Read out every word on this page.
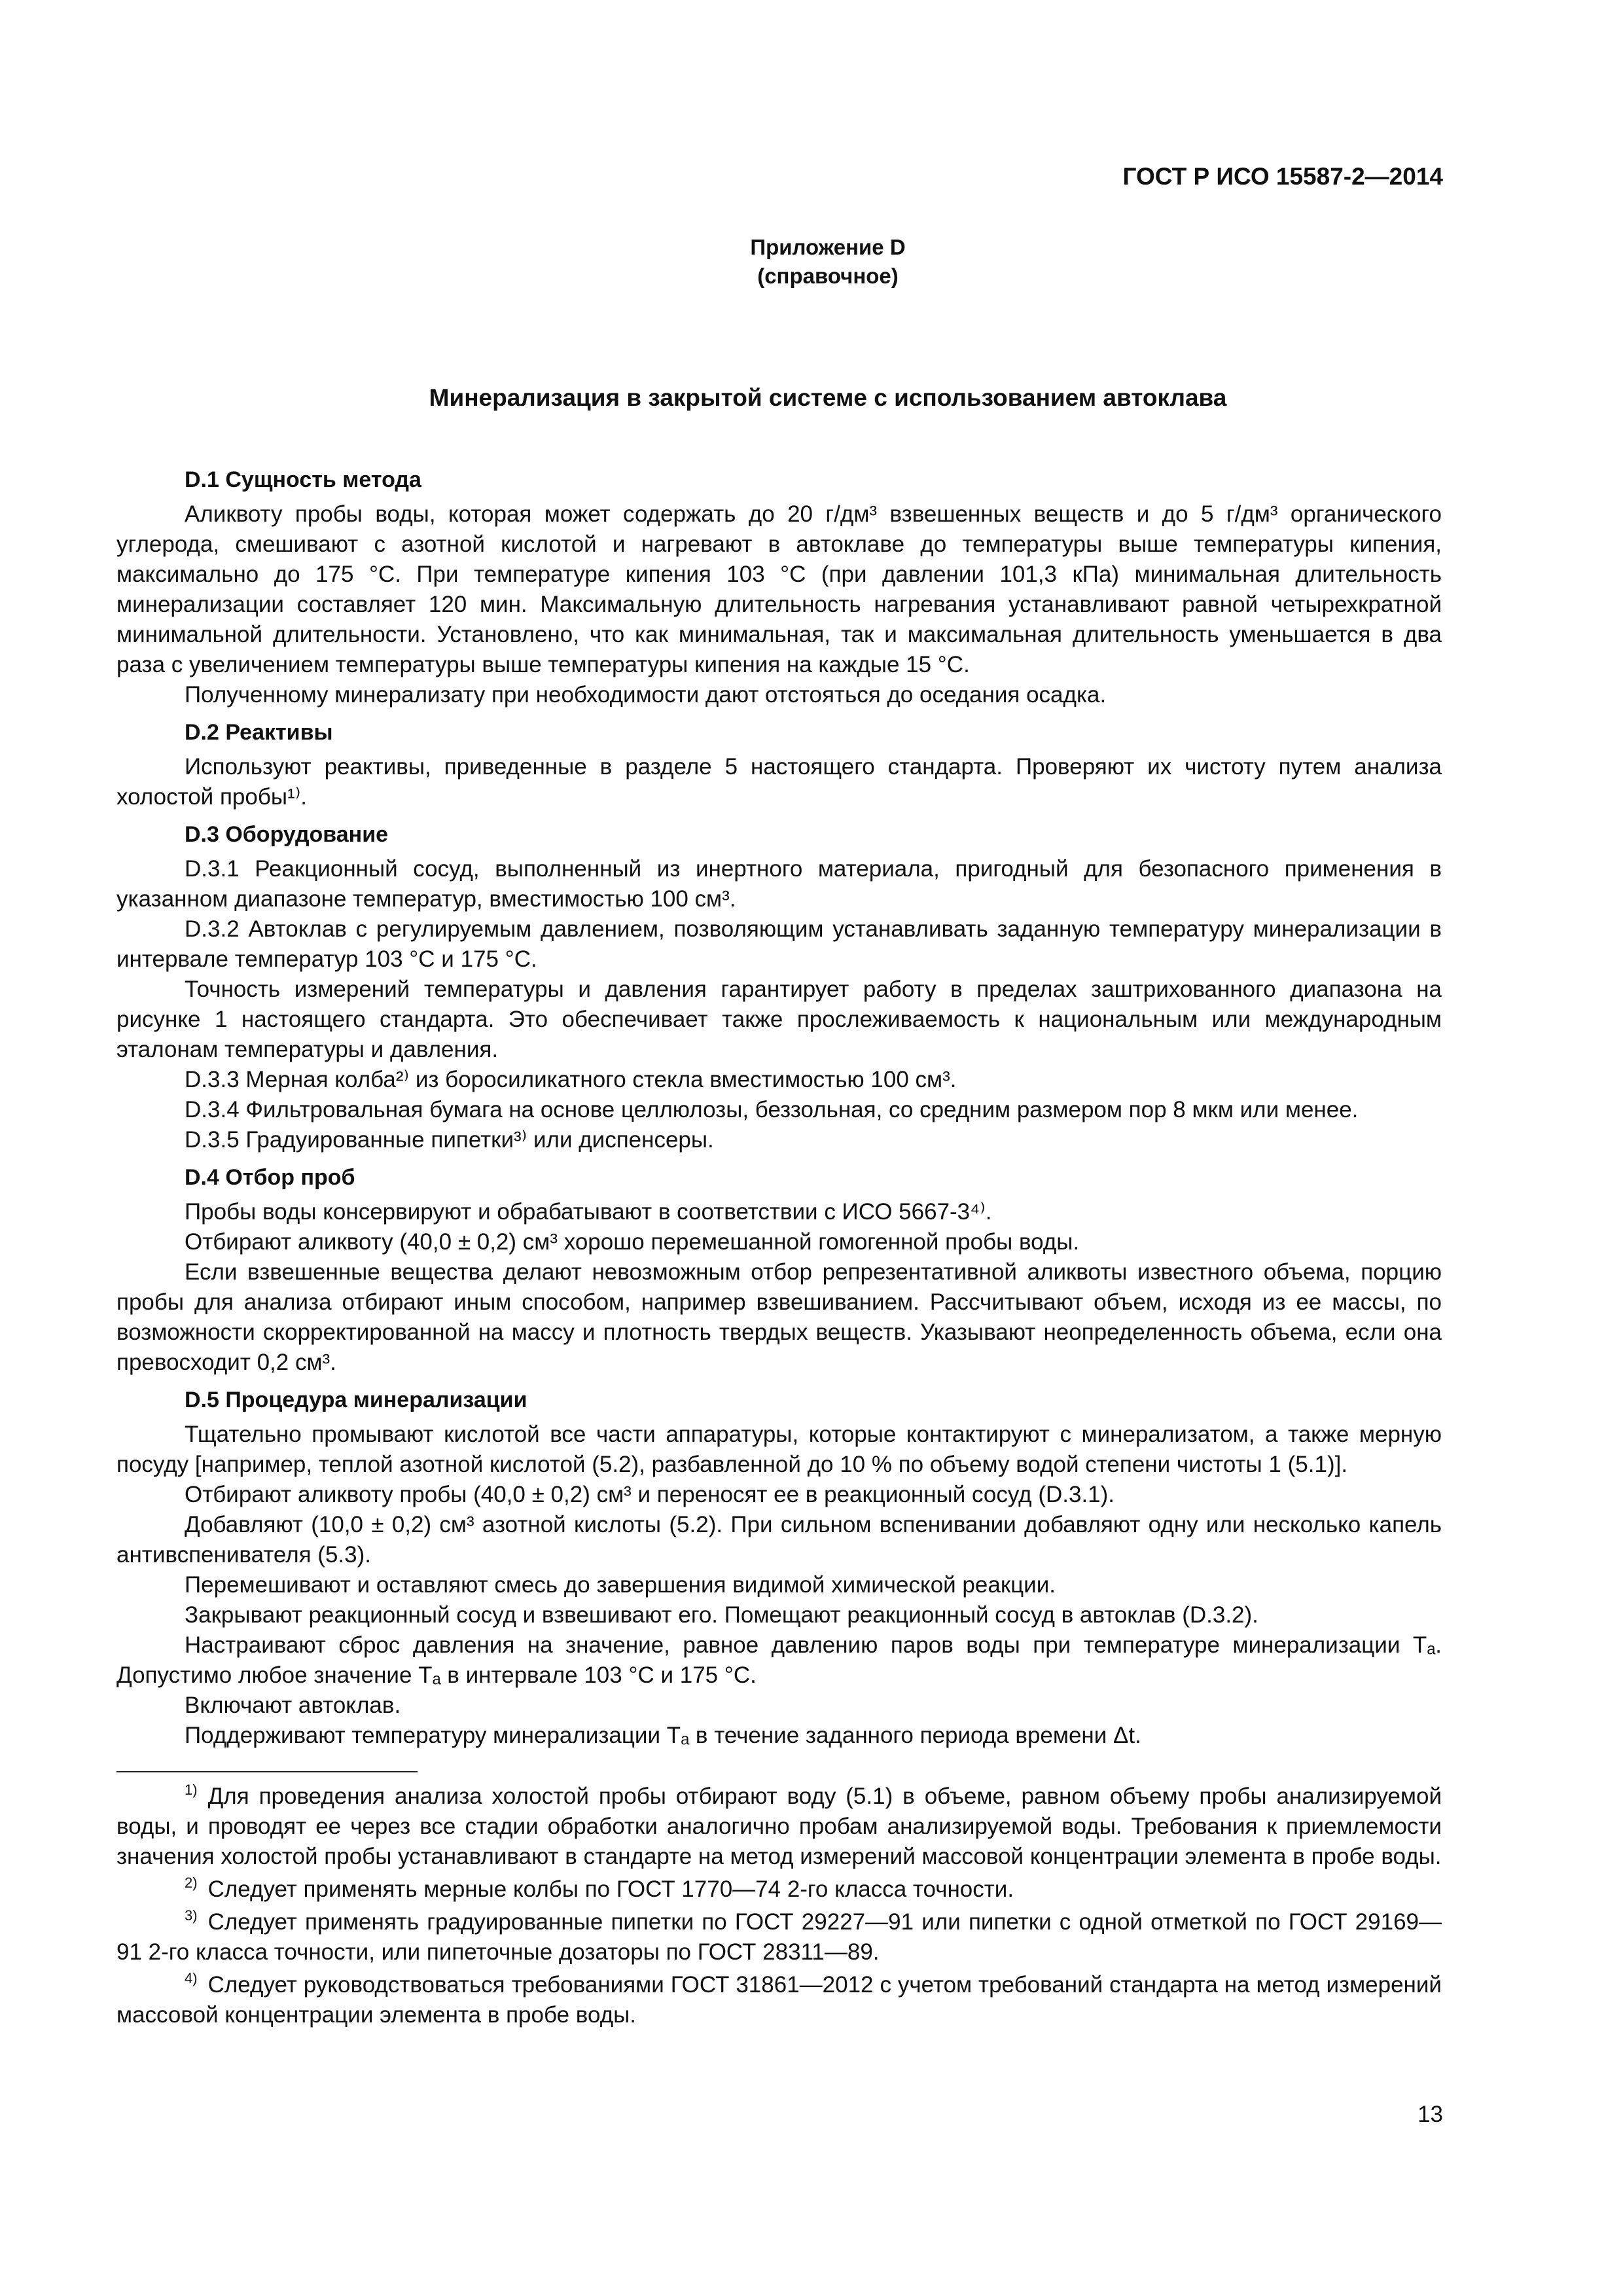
ГОСТ Р ИСО 15587-2—2014
Приложение D
(справочное)
Минерализация в закрытой системе с использованием автоклава
D.1 Сущность метода

Аликвоту пробы воды, которая может содержать до 20 г/дм³ взвешенных веществ и до 5 г/дм³ органического углерода, смешивают с азотной кислотой и нагревают в автоклаве до температуры выше температуры кипения, максимально до 175 °С. При температуре кипения 103 °С (при давлении 101,3 кПа) минимальная длительность минерализации составляет 120 мин. Максимальную длительность нагревания устанавливают равной четырехкратной минимальной длительности. Установлено, что как минимальная, так и максимальная длительность уменьшается в два раза с увеличением температуры выше температуры кипения на каждые 15 °С.

Полученному минерализату при необходимости дают отстояться до оседания осадка.

D.2 Реактивы

Используют реактивы, приведенные в разделе 5 настоящего стандарта. Проверяют их чистоту путем анализа холостой пробы¹⁾.

D.3 Оборудование

D.3.1 Реакционный сосуд, выполненный из инертного материала, пригодный для безопасного применения в указанном диапазоне температур, вместимостью 100 см³.

D.3.2 Автоклав с регулируемым давлением, позволяющим устанавливать заданную температуру минерализации в интервале температур 103 °С и 175 °С.

Точность измерений температуры и давления гарантирует работу в пределах заштрихованного диапазона на рисунке 1 настоящего стандарта. Это обеспечивает также прослеживаемость к национальным или международным эталонам температуры и давления.

D.3.3 Мерная колба²⁾ из боросиликатного стекла вместимостью 100 см³.

D.3.4 Фильтровальная бумага на основе целлюлозы, беззольная, со средним размером пор 8 мкм или менее.

D.3.5 Градуированные пипетки³⁾ или диспенсеры.

D.4 Отбор проб

Пробы воды консервируют и обрабатывают в соответствии с ИСО 5667-3⁴⁾.

Отбирают аликвоту (40,0 ± 0,2) см³ хорошо перемешанной гомогенной пробы воды.

Если взвешенные вещества делают невозможным отбор репрезентативной аликвоты известного объема, порцию пробы для анализа отбирают иным способом, например взвешиванием. Рассчитывают объем, исходя из ее массы, по возможности скорректированной на массу и плотность твердых веществ. Указывают неопределенность объема, если она превосходит 0,2 см³.

D.5 Процедура минерализации

Тщательно промывают кислотой все части аппаратуры, которые контактируют с минерализатом, а также мерную посуду [например, теплой азотной кислотой (5.2), разбавленной до 10 % по объему водой степени чистоты 1 (5.1)].

Отбирают аликвоту пробы (40,0 ± 0,2) см³ и переносят ее в реакционный сосуд (D.3.1).

Добавляют (10,0 ± 0,2) см³ азотной кислоты (5.2). При сильном вспенивании добавляют одну или несколько капель антивспенивателя (5.3).

Перемешивают и оставляют смесь до завершения видимой химической реакции.

Закрывают реакционный сосуд и взвешивают его. Помещают реакционный сосуд в автоклав (D.3.2).

Настраивают сброс давления на значение, равное давлению паров воды при температуре минерализации Tₐ. Допустимо любое значение Tₐ в интервале 103 °С и 175 °С.

Включают автоклав.

Поддерживают температуру минерализации Tₐ в течение заданного периода времени Δt.

$^{1)}$ Для проведения анализа холостой пробы отбирают воду (5.1) в объеме, равном объему пробы анализируемой воды, и проводят ее через все стадии обработки аналогично пробам анализируемой воды. Требования к приемлемости значения холостой пробы устанавливают в стандарте на метод измерений массовой концентрации элемента в пробе воды.

$^{2)}$ Следует применять мерные колбы по ГОСТ 1770—74 2-го класса точности.

$^{3)}$ Следует применять градуированные пипетки по ГОСТ 29227—91 или пипетки с одной отметкой по ГОСТ 29169—91 2-го класса точности, или пипеточные дозаторы по ГОСТ 28311—89.

$^{4)}$ Следует руководствоваться требованиями ГОСТ 31861—2012 с учетом требований стандарта на метод измерений массовой концентрации элемента в пробе воды.

13
